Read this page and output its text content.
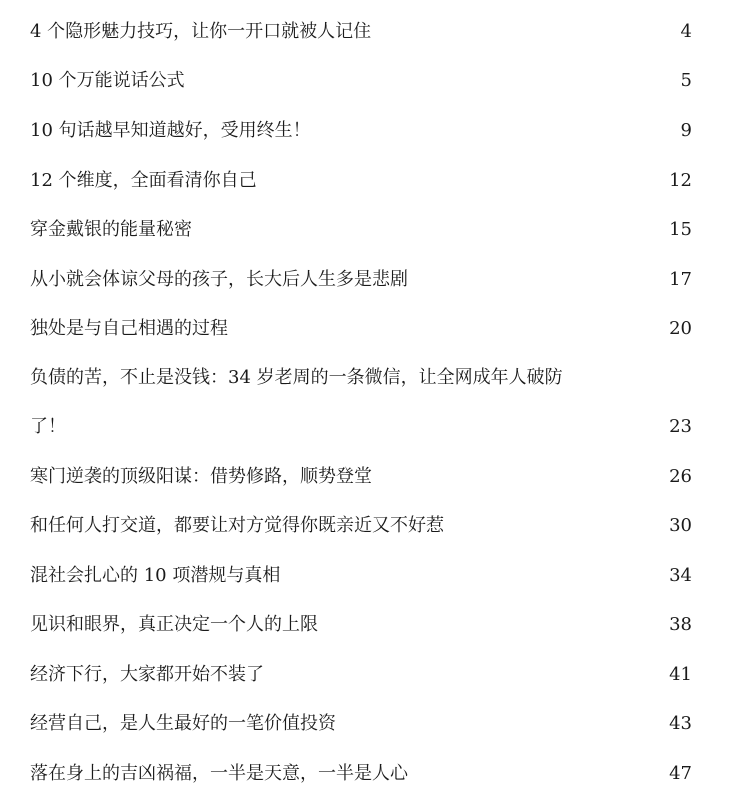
4 个隐形魅力技巧，让你一开口就被人记住	4
10 个万能说话公式	5
10 句话越早知道越好，受用终生！	9
12 个维度，全面看清你自己	12
穿金戴银的能量秘密	15
从小就会体谅父母的孩子，长大后人生多是悲剧	17
独处是与自己相遇的过程	20
负债的苦，不止是没钱：34 岁老周的一条微信，让全网成年人破防
了！	23
寒门逆袭的顶级阳谋：借势修路，顺势登堂	26
和任何人打交道，都要让对方觉得你既亲近又不好惹	30
混社会扎心的 10 项潜规与真相	34
见识和眼界，真正决定一个人的上限	38
经济下行，大家都开始不装了	41
经营自己，是人生最好的一笔价值投资	43
落在身上的吉凶祸福，一半是天意，一半是人心	47
